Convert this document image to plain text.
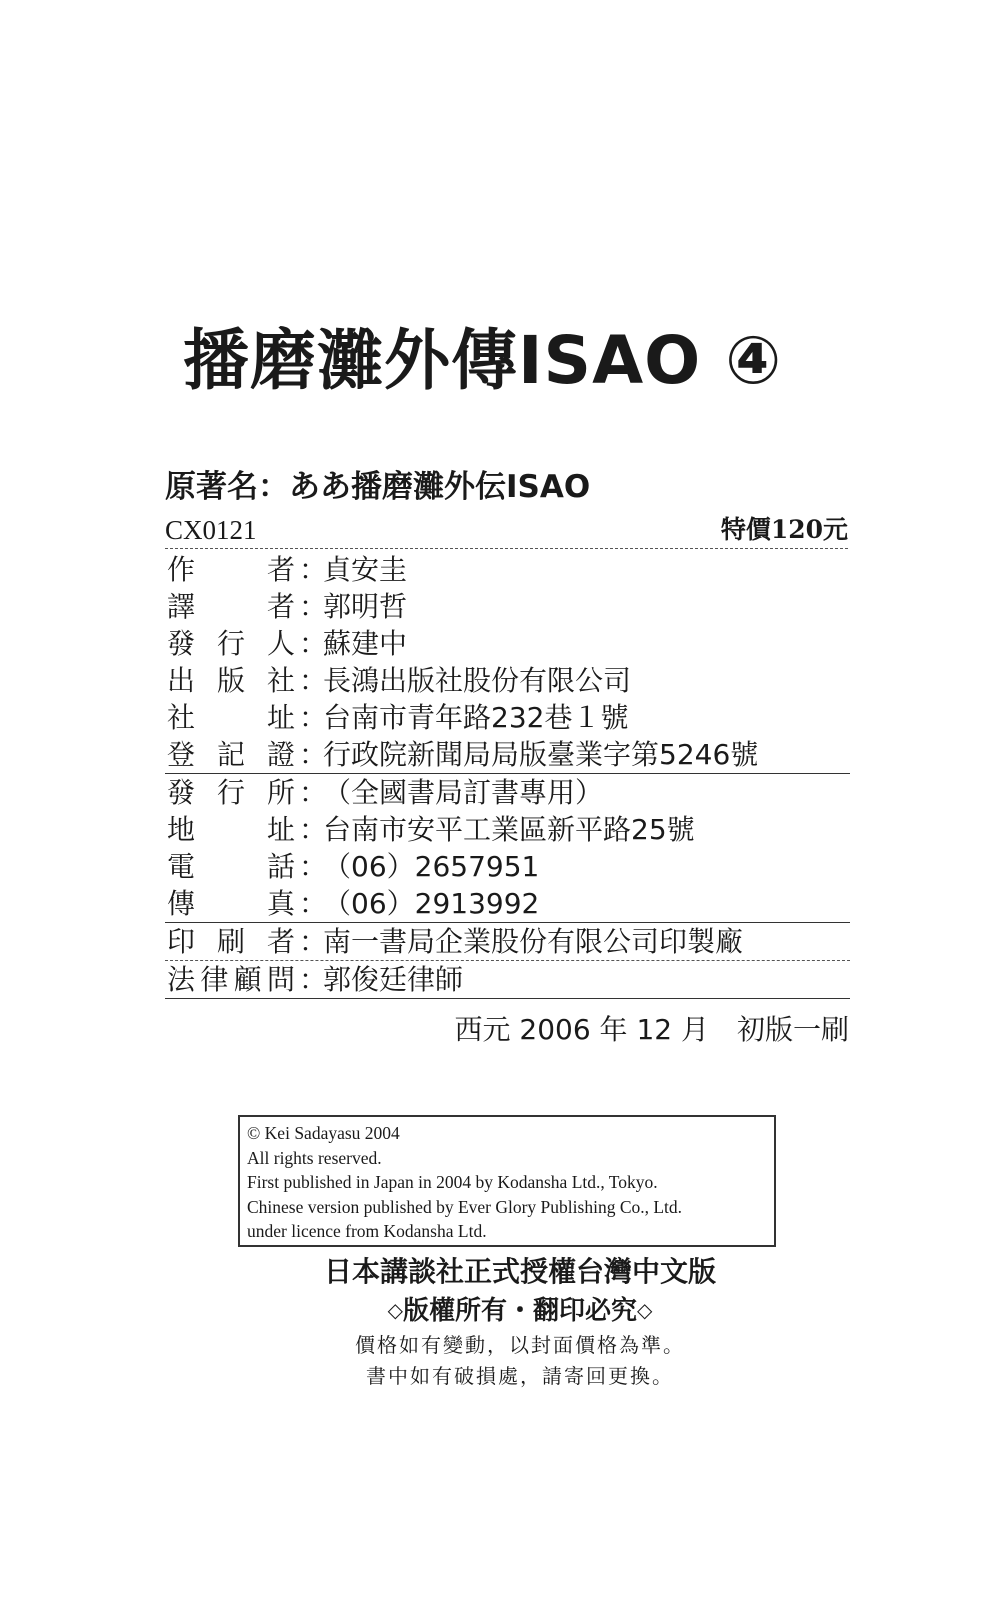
播磨灘外傳ISAO ④
原著名：ああ播磨灘外伝ISAO
CX0121	特價120元
作	者 ：
貞安圭
譯	者 ：
郭明哲
發 行 人 ：
蘇建中
出 版 社 ：
長鴻出版社股份有限公司
社	址 ：
台南市青年路232巷１號
登 記 證 ：
行政院新聞局局版臺業字第5246號
發 行 所 ：
（全國書局訂書專用）
地	址 ：
台南市安平工業區新平路25號
電	話 ：
（06）2657951
傳	真 ：
（06）2913992
印 刷 者 ：
南一書局企業股份有限公司印製廠
法 律 顧 問 ：
郭俊廷律師
西元 2006 年 12 月　初版一刷
© Kei Sadayasu 2004
All rights reserved.
First published in Japan in 2004 by Kodansha Ltd., Tokyo.
Chinese version published by Ever Glory Publishing Co., Ltd.
under licence from Kodansha Ltd.
日本講談社正式授權台灣中文版
◇版權所有・翻印必究◇
價格如有變動，以封面價格為準。
書中如有破損處，請寄回更換。
